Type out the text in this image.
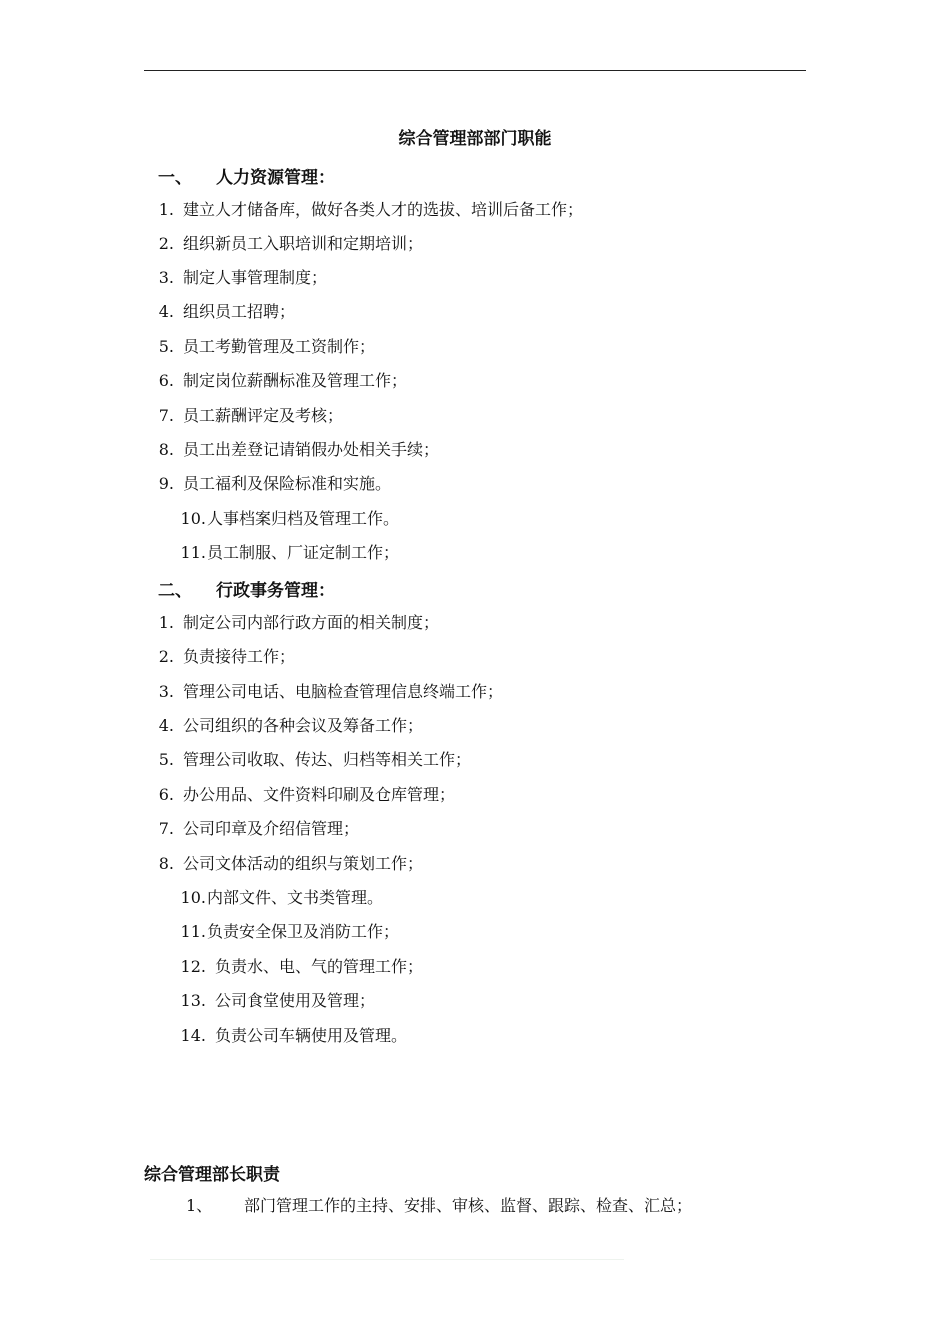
综合管理部部门职能
一、 人力资源管理：
1. 建立人才储备库，做好各类人才的选拔、培训后备工作；
2. 组织新员工入职培训和定期培训；
3. 制定人事管理制度；
4. 组织员工招聘；
5. 员工考勤管理及工资制作；
6. 制定岗位薪酬标准及管理工作；
7. 员工薪酬评定及考核；
8. 员工出差登记请销假办处相关手续；
9. 员工福利及保险标准和实施。
10.人事档案归档及管理工作。
11.员工制服、厂证定制工作；
二、 行政事务管理：
1. 制定公司内部行政方面的相关制度；
2. 负责接待工作；
3. 管理公司电话、电脑检查管理信息终端工作；
4. 公司组织的各种会议及筹备工作；
5. 管理公司收取、传达、归档等相关工作；
6. 办公用品、文件资料印刷及仓库管理；
7. 公司印章及介绍信管理；
8. 公司文体活动的组织与策划工作；
10.内部文件、文书类管理。
11.负责安全保卫及消防工作；
12. 负责水、电、气的管理工作；
13. 公司食堂使用及管理；
14. 负责公司车辆使用及管理。
综合管理部长职责
1、 部门管理工作的主持、安排、审核、监督、跟踪、检查、汇总；
